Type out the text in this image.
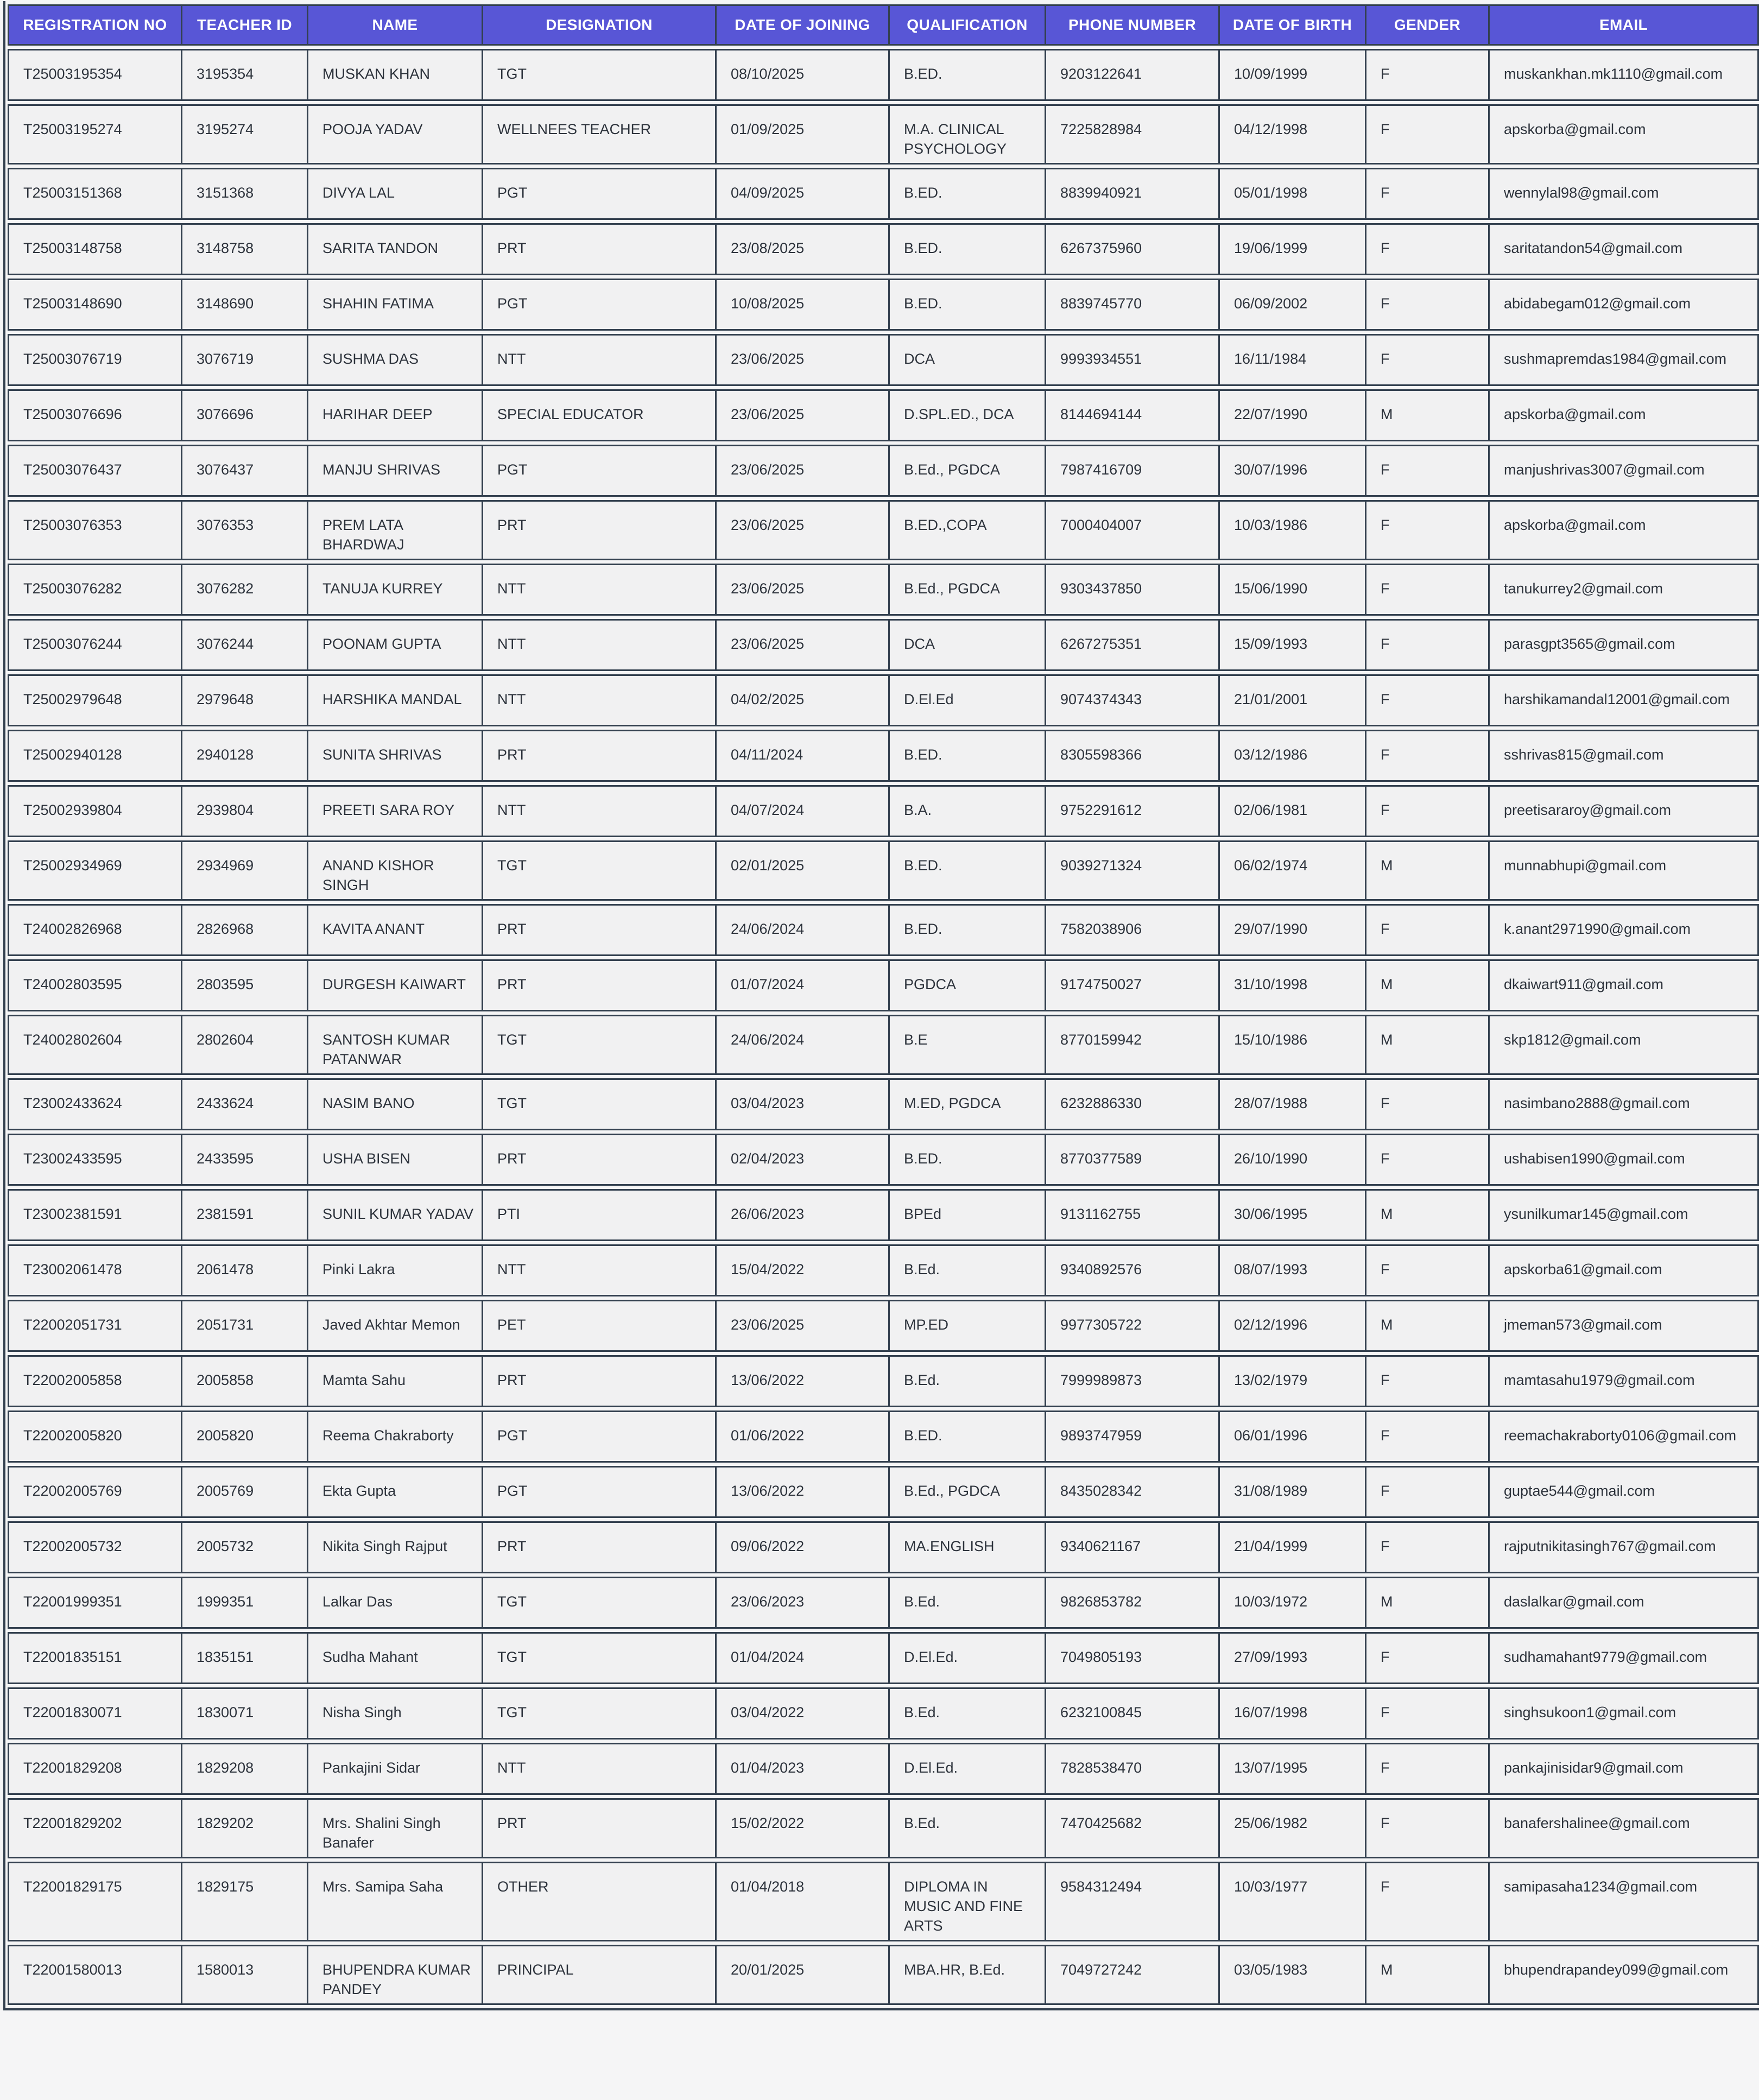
REGISTRATION NO	TEACHER ID	NAME	DESIGNATION	DATE OF JOINING	QUALIFICATION	PHONE NUMBER	DATE OF BIRTH	GENDER	EMAIL
T25003195354	3195354	MUSKAN KHAN	TGT	08/10/2025	B.ED.	9203122641	10/09/1999	F	muskankhan.mk1110@gmail.com
T25003195274	3195274	POOJA YADAV	WELLNEES TEACHER	01/09/2025	M.A. CLINICAL PSYCHOLOGY	7225828984	04/12/1998	F	apskorba@gmail.com
T25003151368	3151368	DIVYA LAL	PGT	04/09/2025	B.ED.	8839940921	05/01/1998	F	wennylal98@gmail.com
T25003148758	3148758	SARITA TANDON	PRT	23/08/2025	B.ED.	6267375960	19/06/1999	F	saritatandon54@gmail.com
T25003148690	3148690	SHAHIN FATIMA	PGT	10/08/2025	B.ED.	8839745770	06/09/2002	F	abidabegam012@gmail.com
T25003076719	3076719	SUSHMA DAS	NTT	23/06/2025	DCA	9993934551	16/11/1984	F	sushmapremdas1984@gmail.com
T25003076696	3076696	HARIHAR DEEP	SPECIAL EDUCATOR	23/06/2025	D.SPL.ED., DCA	8144694144	22/07/1990	M	apskorba@gmail.com
T25003076437	3076437	MANJU SHRIVAS	PGT	23/06/2025	B.Ed., PGDCA	7987416709	30/07/1996	F	manjushrivas3007@gmail.com
T25003076353	3076353	PREM LATA BHARDWAJ	PRT	23/06/2025	B.ED.,COPA	7000404007	10/03/1986	F	apskorba@gmail.com
T25003076282	3076282	TANUJA KURREY	NTT	23/06/2025	B.Ed., PGDCA	9303437850	15/06/1990	F	tanukurrey2@gmail.com
T25003076244	3076244	POONAM GUPTA	NTT	23/06/2025	DCA	6267275351	15/09/1993	F	parasgpt3565@gmail.com
T25002979648	2979648	HARSHIKA MANDAL	NTT	04/02/2025	D.El.Ed	9074374343	21/01/2001	F	harshikamandal12001@gmail.com
T25002940128	2940128	SUNITA SHRIVAS	PRT	04/11/2024	B.ED.	8305598366	03/12/1986	F	sshrivas815@gmail.com
T25002939804	2939804	PREETI SARA ROY	NTT	04/07/2024	B.A.	9752291612	02/06/1981	F	preetisararoy@gmail.com
T25002934969	2934969	ANAND KISHOR SINGH	TGT	02/01/2025	B.ED.	9039271324	06/02/1974	M	munnabhupi@gmail.com
T24002826968	2826968	KAVITA ANANT	PRT	24/06/2024	B.ED.	7582038906	29/07/1990	F	k.anant2971990@gmail.com
T24002803595	2803595	DURGESH KAIWART	PRT	01/07/2024	PGDCA	9174750027	31/10/1998	M	dkaiwart911@gmail.com
T24002802604	2802604	SANTOSH KUMAR PATANWAR	TGT	24/06/2024	B.E	8770159942	15/10/1986	M	skp1812@gmail.com
T23002433624	2433624	NASIM BANO	TGT	03/04/2023	M.ED, PGDCA	6232886330	28/07/1988	F	nasimbano2888@gmail.com
T23002433595	2433595	USHA BISEN	PRT	02/04/2023	B.ED.	8770377589	26/10/1990	F	ushabisen1990@gmail.com
T23002381591	2381591	SUNIL KUMAR YADAV	PTI	26/06/2023	BPEd	9131162755	30/06/1995	M	ysunilkumar145@gmail.com
T23002061478	2061478	Pinki Lakra	NTT	15/04/2022	B.Ed.	9340892576	08/07/1993	F	apskorba61@gmail.com
T22002051731	2051731	Javed Akhtar Memon	PET	23/06/2025	MP.ED	9977305722	02/12/1996	M	jmeman573@gmail.com
T22002005858	2005858	Mamta Sahu	PRT	13/06/2022	B.Ed.	7999989873	13/02/1979	F	mamtasahu1979@gmail.com
T22002005820	2005820	Reema Chakraborty	PGT	01/06/2022	B.ED.	9893747959	06/01/1996	F	reemachakraborty0106@gmail.com
T22002005769	2005769	Ekta Gupta	PGT	13/06/2022	B.Ed., PGDCA	8435028342	31/08/1989	F	guptae544@gmail.com
T22002005732	2005732	Nikita Singh Rajput	PRT	09/06/2022	MA.ENGLISH	9340621167	21/04/1999	F	rajputnikitasingh767@gmail.com
T22001999351	1999351	Lalkar Das	TGT	23/06/2023	B.Ed.	9826853782	10/03/1972	M	daslalkar@gmail.com
T22001835151	1835151	Sudha Mahant	TGT	01/04/2024	D.El.Ed.	7049805193	27/09/1993	F	sudhamahant9779@gmail.com
T22001830071	1830071	Nisha Singh	TGT	03/04/2022	B.Ed.	6232100845	16/07/1998	F	singhsukoon1@gmail.com
T22001829208	1829208	Pankajini Sidar	NTT	01/04/2023	D.El.Ed.	7828538470	13/07/1995	F	pankajinisidar9@gmail.com
T22001829202	1829202	Mrs. Shalini Singh Banafer	PRT	15/02/2022	B.Ed.	7470425682	25/06/1982	F	banafershalinee@gmail.com
T22001829175	1829175	Mrs. Samipa Saha	OTHER	01/04/2018	DIPLOMA IN MUSIC AND FINE ARTS	9584312494	10/03/1977	F	samipasaha1234@gmail.com
T22001580013	1580013	BHUPENDRA KUMAR PANDEY	PRINCIPAL	20/01/2025	MBA.HR, B.Ed.	7049727242	03/05/1983	M	bhupendrapandey099@gmail.com
